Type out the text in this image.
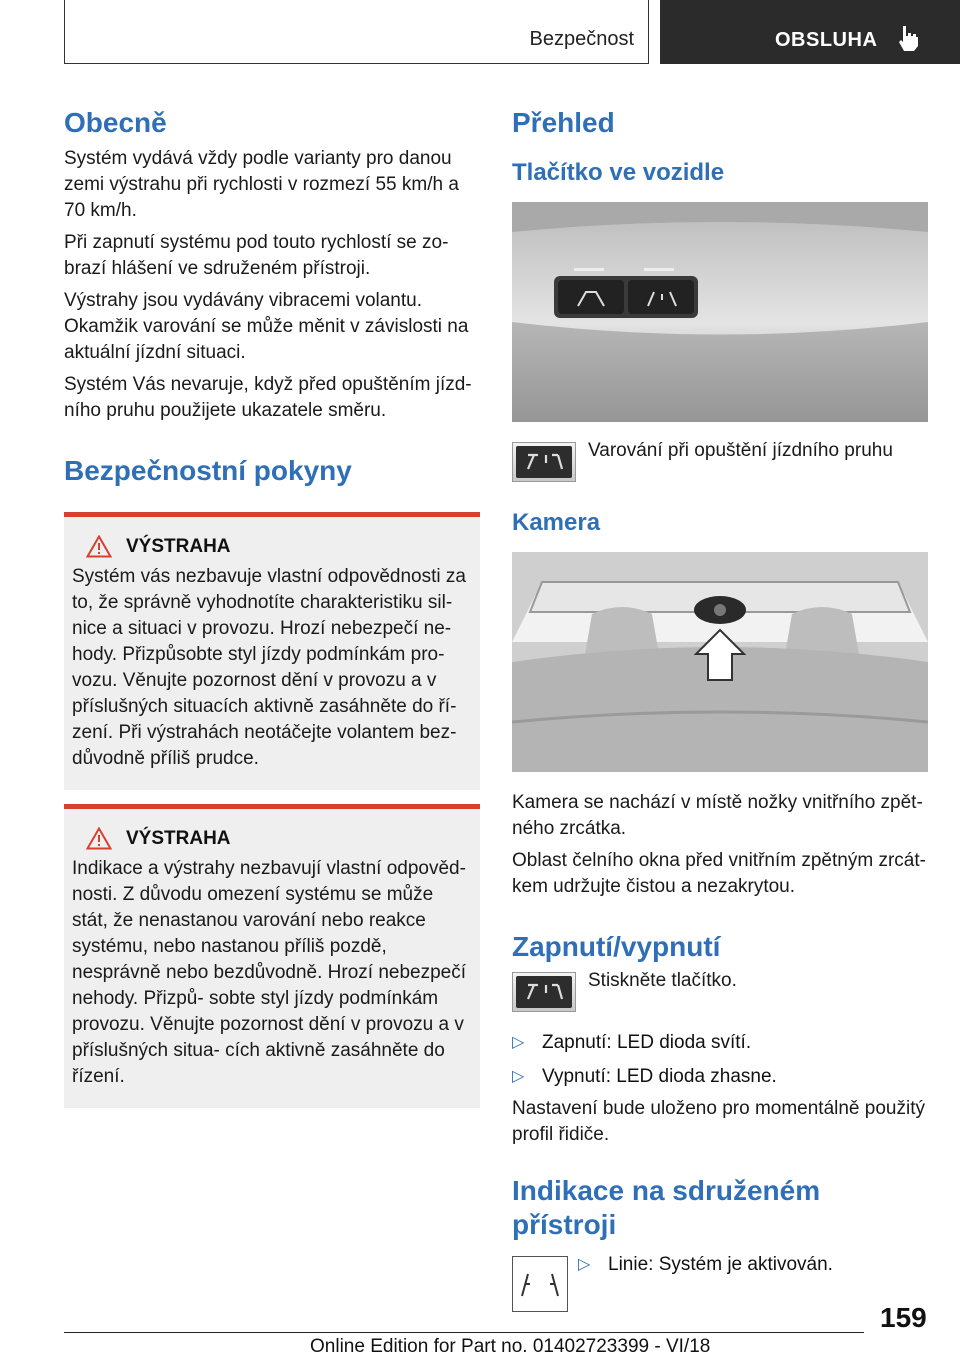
Bezpečnost	OBSLUHA
Obecně

Systém vydává vždy podle varianty pro danou zemi výstrahu při rychlosti v rozmezí 55 km/h a 70 km/h.

Při zapnutí systému pod touto rychlostí se zo- brazí hlášení ve sdruženém přístroji.

Výstrahy jsou vydávány vibracemi volantu. Okamžik varování se může měnit v závislosti na aktuální jízdní situaci.

Systém Vás nevaruje, když před opuštěním jízd- ního pruhu použijete ukazatele směru.

Bezpečnostní pokyny
VÝSTRAHA

Systém vás nezbavuje vlastní odpovědnosti za to, že správně vyhodnotíte charakteristiku sil- nice a situaci v provozu. Hrozí nebezpečí ne- hody. Přizpůsobte styl jízdy podmínkám pro- vozu. Věnujte pozornost dění v provozu a v příslušných situacích aktivně zasáhněte do ří- zení. Při výstrahách neotáčejte volantem bez- důvodně příliš prudce.

VÝSTRAHA

Indikace a výstrahy nezbavují vlastní odpověd- nosti. Z důvodu omezení systému se může stát, že nenastanou varování nebo reakce systému, nebo nastanou příliš pozdě, nesprávně nebo bezdůvodně. Hrozí nebezpečí nehody. Přizpů- sobte styl jízdy podmínkám provozu. Věnujte pozornost dění v provozu a v příslušných situa- cích aktivně zasáhněte do řízení.

Přehled
Tlačítko ve vozidle

Varování při opuštění jízdního pruhu

Kamera

Kamera se nachází v místě nožky vnitřního zpět- ného zrcátka.

Oblast čelního okna před vnitřním zpětným zrcát- kem udržujte čistou a nezakrytou.

Zapnutí/vypnutí

Stiskněte tlačítko.

▷ Zapnutí: LED dioda svítí.
▷ Vypnutí: LED dioda zhasne.

Nastavení bude uloženo pro momentálně použitý profil řidiče.

Indikace na sdruženém přístroji
▷ Linie: Systém je aktivován.
159
Online Edition for Part no. 01402723399 - VI/18
